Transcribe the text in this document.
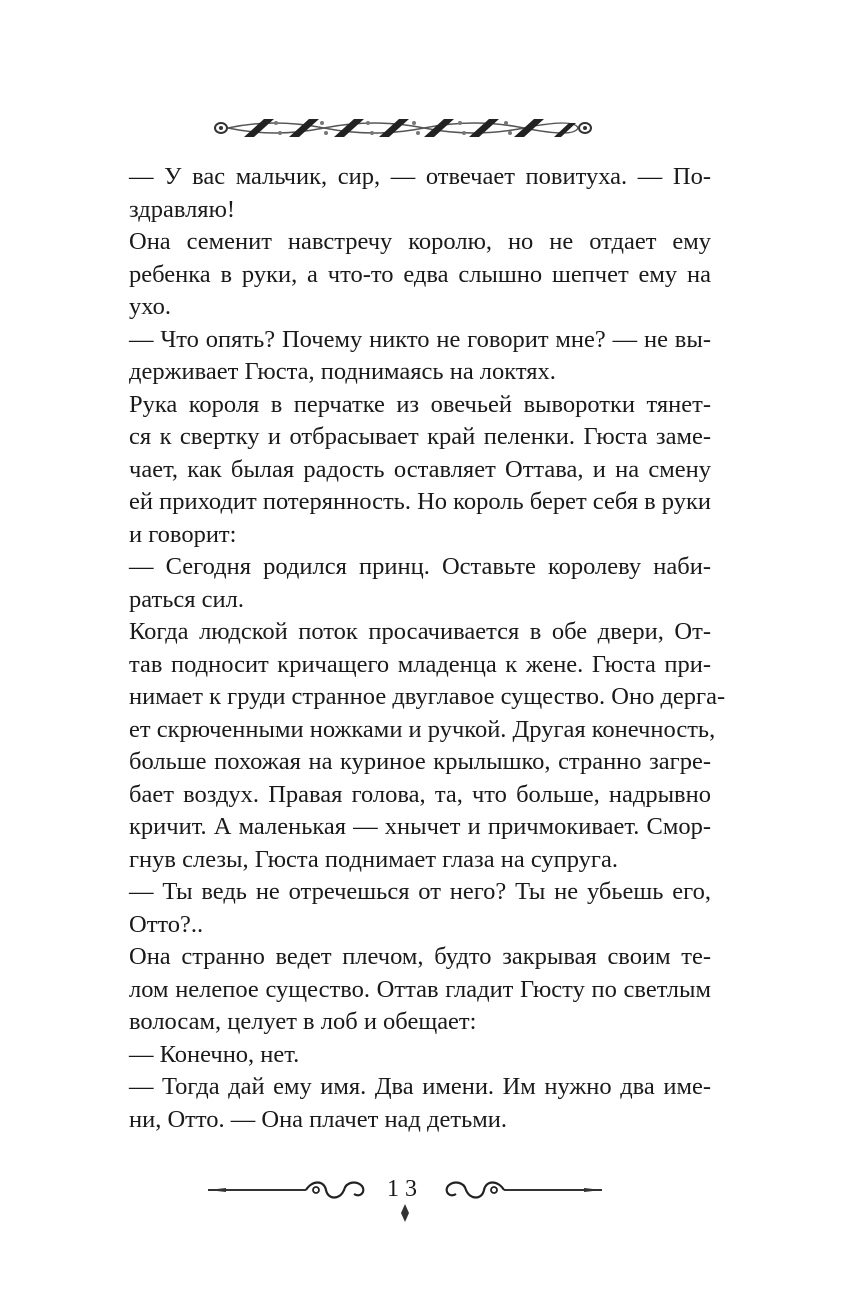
— У вас мальчик, сир, — отвечает повитуха. — По-
здравляю!
Она семенит навстречу королю, но не отдает ему
ребенка в руки, а что-то едва слышно шепчет ему на
ухо.
— Что опять? Почему никто не говорит мне? — не вы-
держивает Гюста, поднимаясь на локтях.
Рука короля в перчатке из овечьей выворотки тянет-
ся к свертку и отбрасывает край пеленки. Гюста заме-
чает, как былая радость оставляет Оттава, и на смену
ей приходит потерянность. Но король берет себя в руки
и говорит:
— Сегодня родился принц. Оставьте королеву наби-
раться сил.
Когда людской поток просачивается в обе двери, От-
тав подносит кричащего младенца к жене. Гюста при-
нимает к груди странное двуглавое существо. Оно дерга-
ет скрюченными ножками и ручкой. Другая конечность,
больше похожая на куриное крылышко, странно загре-
бает воздух. Правая голова, та, что больше, надрывно
кричит. А маленькая — хнычет и причмокивает. Смор-
гнув слезы, Гюста поднимает глаза на супруга.
— Ты ведь не отречешься от него? Ты не убьешь его,
Отто?..
Она странно ведет плечом, будто закрывая своим те-
лом нелепое существо. Оттав гладит Гюсту по светлым
волосам, целует в лоб и обещает:
— Конечно, нет.
— Тогда дай ему имя. Два имени. Им нужно два име-
ни, Отто. — Она плачет над детьми.
13
